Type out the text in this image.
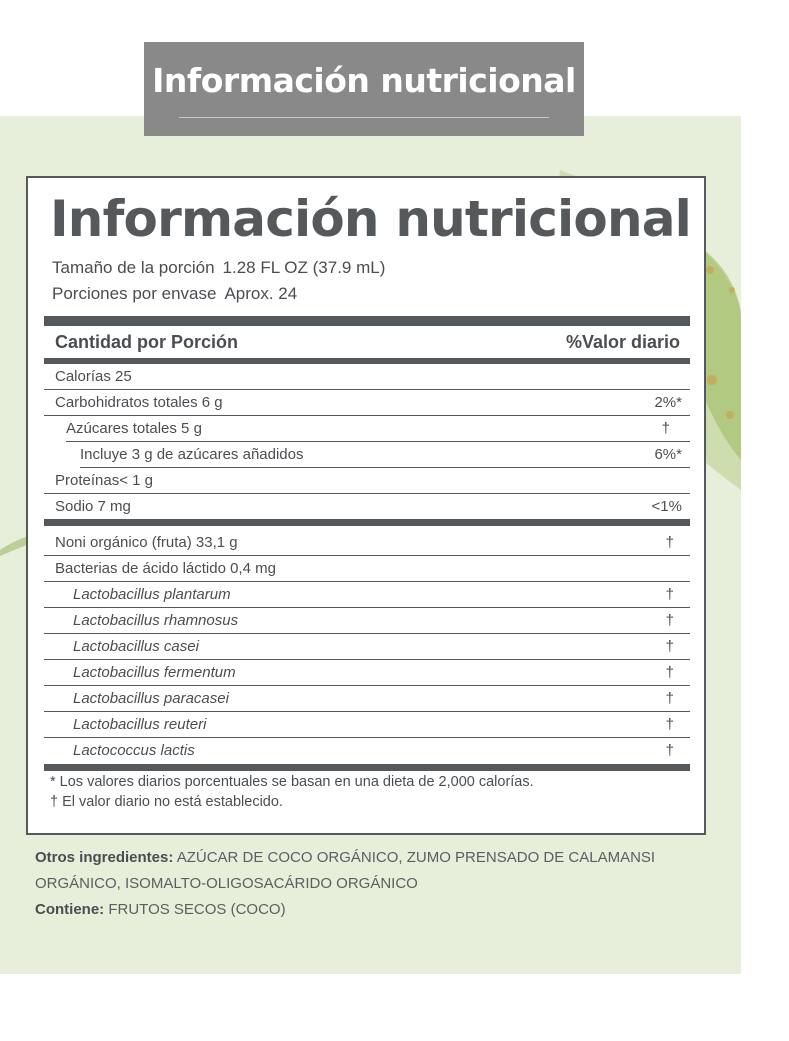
Información nutricional
Información nutricional
Tamaño de la porción 1.28 FL OZ (37.9 mL)
Porciones por envase Aprox. 24
Cantidad por Porción	%Valor diario
Calorías 25
Carbohidratos totales 6 g	2%*
Azúcares totales 5 g	†
Incluye 3 g de azúcares añadidos	6%*
Proteínas< 1 g
Sodio 7 mg	<1%
Noni orgánico (fruta) 33,1 g	†
Bacterias de ácido láctido 0,4 mg
Lactobacillus plantarum	†
Lactobacillus rhamnosus	†
Lactobacillus casei	†
Lactobacillus fermentum	†
Lactobacillus paracasei	†
Lactobacillus reuteri	†
Lactococcus lactis	†
* Los valores diarios porcentuales se basan en una dieta de 2,000 calorías.
† El valor diario no está establecido.
Otros ingredientes: AZÚCAR DE COCO ORGÁNICO, ZUMO PRENSADO DE CALAMANSI ORGÁNICO, ISOMALTO-OLIGOSACÁRIDO ORGÁNICO
Contiene: FRUTOS SECOS (COCO)
